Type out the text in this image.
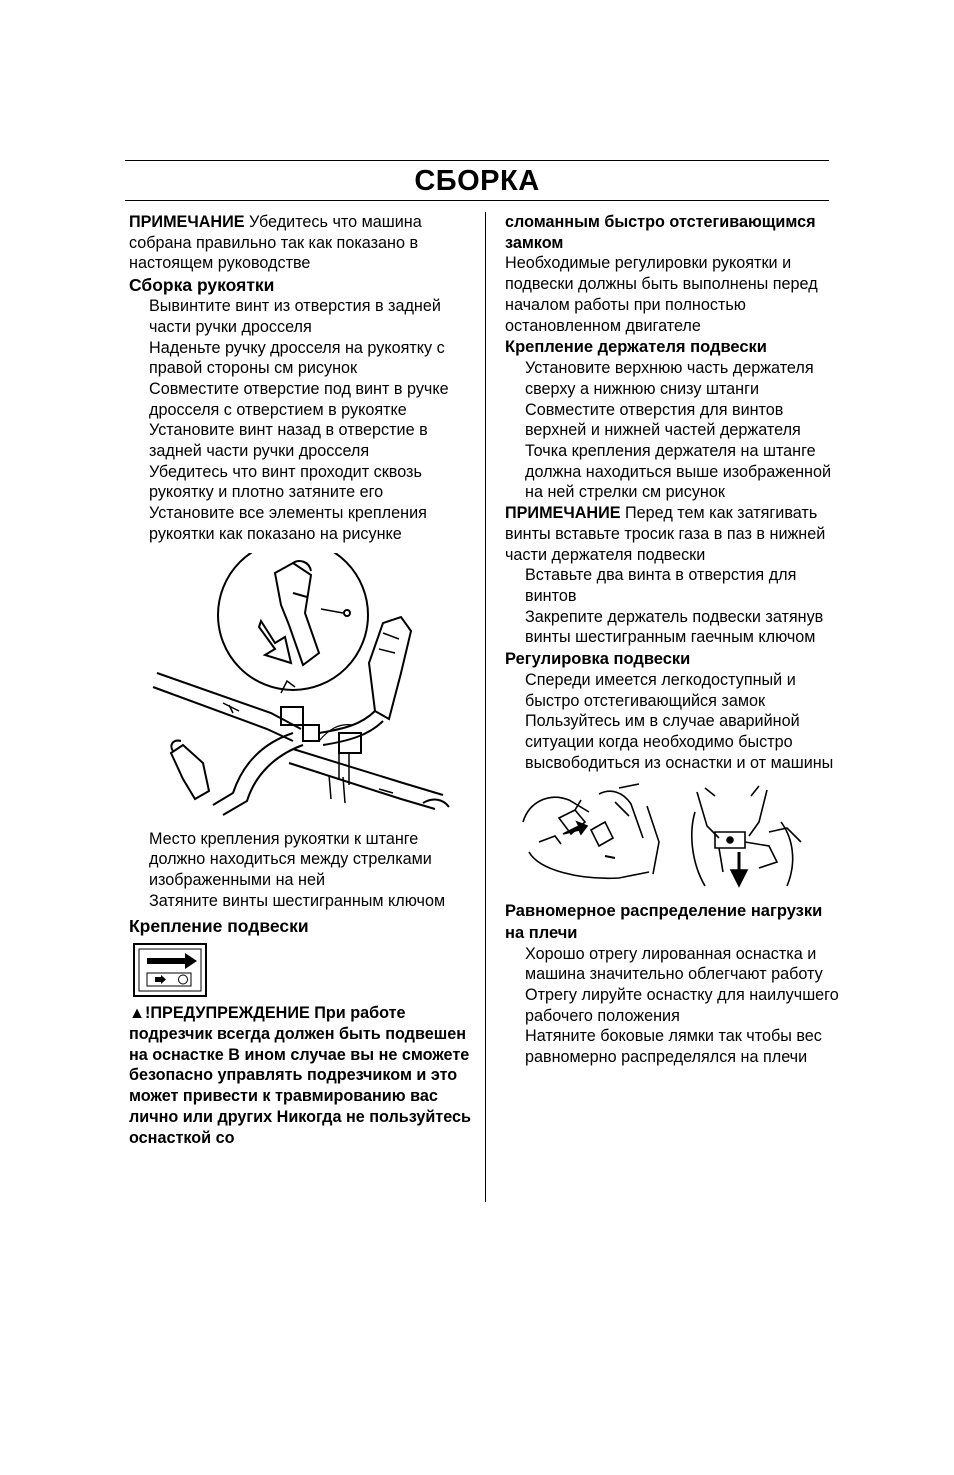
СБОРКА

ПРИМЕЧАНИЕ Убедитесь что машина собрана правильно так как показано в настоящем руководстве

Сборка рукоятки

Вывинтите винт из отверстия в задней части ручки дросселя

Наденьте ручку дросселя на рукоятку с правой стороны см рисунок

Совместите отверстие под винт в ручке дросселя с отверстием в рукоятке

Установите винт назад в отверстие в задней части ручки дросселя

Убедитесь что винт проходит сквозь рукоятку и плотно затяните его

Установите все элементы крепления рукоятки как показано на рисунке

Место крепления рукоятки к штанге должно находиться между стрелками изображенными на ней

Затяните винты шестигранным ключом

Крепление подвески

▲!ПРЕДУПРЕЖДЕНИЕ При работе подрезчик всегда должен быть подвешен на оснастке В ином случае вы не сможете безопасно управлять подрезчиком и это может привести к травмированию вас лично или других Никогда не пользуйтесь оснасткой со

сломанным быстро отстегивающимся замком

Необходимые регулировки рукоятки и подвески должны быть выполнены перед началом работы при полностью остановленном двигателе

Крепление держателя подвески

Установите верхнюю часть держателя сверху а нижнюю снизу штанги Совместите отверстия для винтов верхней и нижней частей держателя Точка крепления держателя на штанге должна находиться выше изображенной на ней стрелки см рисунок

ПРИМЕЧАНИЕ Перед тем как затягивать винты вставьте тросик газа в паз в нижней части держателя подвески

Вставьте два винта в отверстия для винтов

Закрепите держатель подвески затянув винты шестигранным гаечным ключом

Регулировка подвески

Спереди имеется легкодоступный и быстро отстегивающийся замок

Пользуйтесь им в случае аварийной ситуации когда необходимо быстро высвободиться из оснастки и от машины

Равномерное распределение нагрузки на плечи

Хорошо отрегу лированная оснастка и машина значительно облегчают работу

Отрегу лируйте оснастку для наилучшего рабочего положения

Натяните боковые лямки так чтобы вес равномерно распределялся на плечи
